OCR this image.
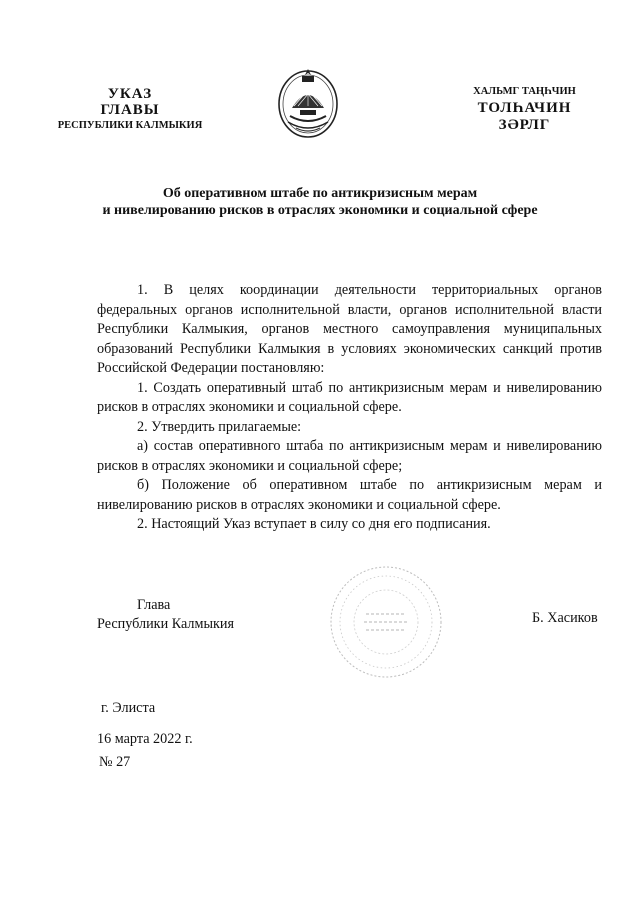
УКАЗ
ГЛАВЫ
РЕСПУБЛИКИ КАЛМЫКИЯ
ХАЛЬМГ ТАҢҺЧИН
ТОЛҺАЧИН
ЗӘРЛГ
Об оперативном штабе по антикризисным мерам
и нивелированию рисков в отраслях экономики и социальной сфере

1. В целях координации деятельности территориальных органов федеральных органов исполнительной власти, органов исполнительной власти Республики Калмыкия, органов местного самоуправления муниципальных образований Республики Калмыкия в условиях экономических санкций против Российской Федерации постановляю:

1. Создать оперативный штаб по антикризисным мерам и нивелированию рисков в отраслях экономики и социальной сфере.

2. Утвердить прилагаемые:

а) состав оперативного штаба по антикризисным мерам и нивелированию рисков в отраслях экономики и социальной сфере;

б) Положение об оперативном штабе по антикризисным мерам и нивелированию рисков в отраслях экономики и социальной сфере.

2. Настоящий Указ вступает в силу со дня его подписания.

Глава
Республики Калмыкия	Б. Хасиков
г. Элиста
16 марта 2022 г.
№ 27
